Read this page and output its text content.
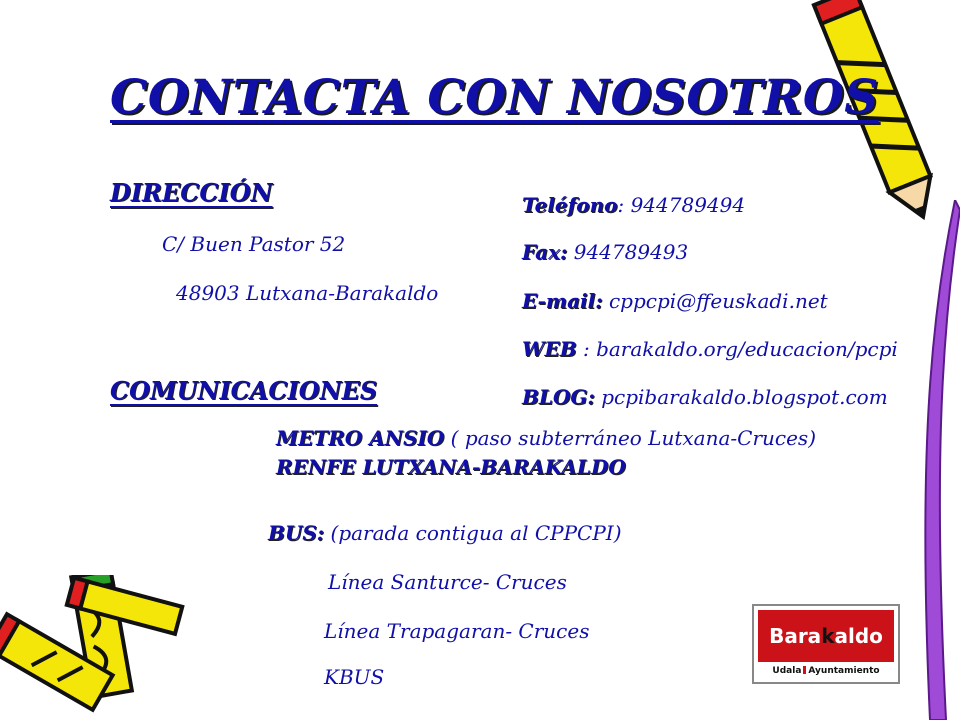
CONTACTA CON NOSOTROS
DIRECCIÓN
C/ Buen Pastor 52
48903 Lutxana-Barakaldo
Teléfono: 944789494
Fax: 944789493
E-mail: cppcpi@ffeuskadi.net
WEB : barakaldo.org/educacion/pcpi
BLOG: pcpibarakaldo.blogspot.com
COMUNICACIONES
METRO ANSIO ( paso subterráneo Lutxana-Cruces)
RENFE LUTXANA-BARAKALDO
BUS: (parada contigua al CPPCPI)
Línea Santurce- Cruces
Línea Trapagaran- Cruces
KBUS
Barakaldo
Udala Ayuntamiento
